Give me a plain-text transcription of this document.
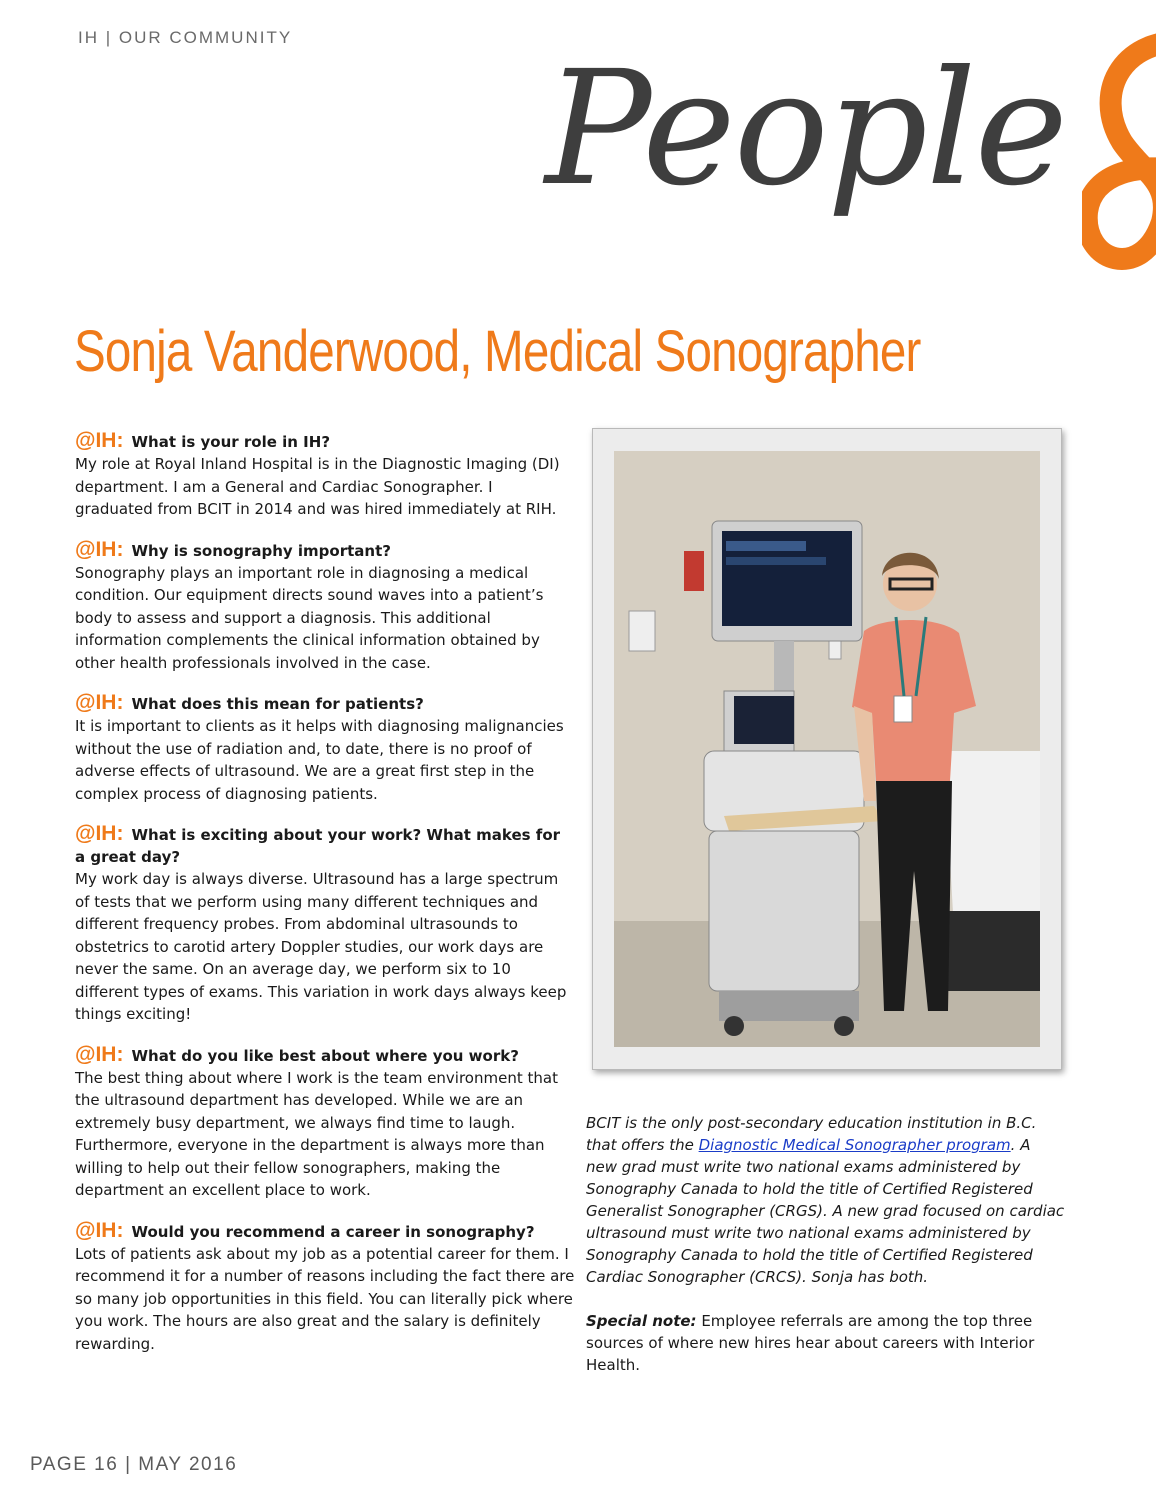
IH | OUR COMMUNITY People
Sonja Vanderwood, Medical Sonographer
@IH: What is your role in IH?

My role at Royal Inland Hospital is in the Diagnostic Imaging (DI) department. I am a General and Cardiac Sonographer. I graduated from BCIT in 2014 and was hired immediately at RIH.

@IH: Why is sonography important?

Sonography plays an important role in diagnosing a medical condition. Our equipment directs sound waves into a patient’s body to assess and support a diagnosis. This additional information complements the clinical information obtained by other health professionals involved in the case.

@IH: What does this mean for patients?

It is important to clients as it helps with diagnosing malignancies without the use of radiation and, to date, there is no proof of adverse effects of ultrasound. We are a great first step in the complex process of diagnosing patients.

@IH: What is exciting about your work? What makes for a great day?

My work day is always diverse. Ultrasound has a large spectrum of tests that we perform using many different techniques and different frequency probes. From abdominal ultrasounds to obstetrics to carotid artery Doppler studies, our work days are never the same. On an average day, we perform six to 10 different types of exams. This variation in work days always keep things exciting!

@IH: What do you like best about where you work?

The best thing about where I work is the team environment that the ultrasound department has developed. While we are an extremely busy department, we always find time to laugh. Furthermore, everyone in the department is always more than willing to help out their fellow sonographers, making the department an excellent place to work.

@IH: Would you recommend a career in sonography?

Lots of patients ask about my job as a potential career for them. I recommend it for a number of reasons including the fact there are so many job opportunities in this field. You can literally pick where you work. The hours are also great and the salary is definitely rewarding.

BCIT is the only post-secondary education institution in B.C. that offers the Diagnostic Medical Sonographer program. A new grad must write two national exams administered by Sonography Canada to hold the title of Certified Registered Generalist Sonographer (CRGS). A new grad focused on cardiac ultrasound must write two national exams administered by Sonography Canada to hold the title of Certified Registered Cardiac Sonographer (CRCS). Sonja has both.

Special note: Employee referrals are among the top three sources of where new hires hear about careers with Interior Health.

PAGE 16 | MAY 2016
